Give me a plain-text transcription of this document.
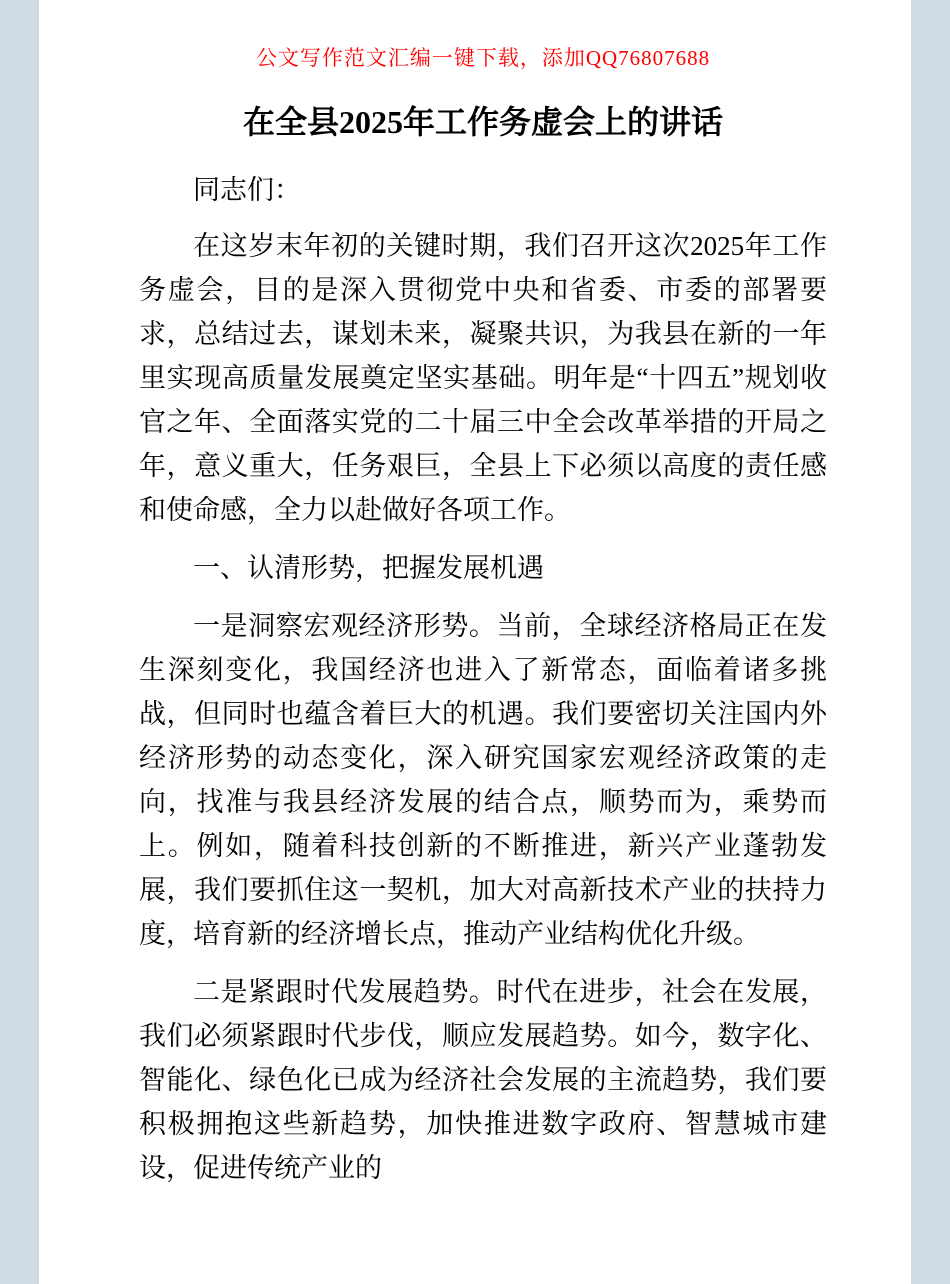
公文写作范文汇编一键下载，添加QQ76807688
在全县2025年工作务虚会上的讲话

同志们：

在这岁末年初的关键时期，我们召开这次2025年工作务虚会，目的是深入贯彻党中央和省委、市委的部署要求，总结过去，谋划未来，凝聚共识，为我县在新的一年里实现高质量发展奠定坚实基础。明年是“十四五”规划收官之年、全面落实党的二十届三中全会改革举措的开局之年，意义重大，任务艰巨，全县上下必须以高度的责任感和使命感，全力以赴做好各项工作。

一、认清形势，把握发展机遇

一是洞察宏观经济形势。当前，全球经济格局正在发生深刻变化，我国经济也进入了新常态，面临着诸多挑战，但同时也蕴含着巨大的机遇。我们要密切关注国内外经济形势的动态变化，深入研究国家宏观经济政策的走向，找准与我县经济发展的结合点，顺势而为，乘势而上。例如，随着科技创新的不断推进，新兴产业蓬勃发展，我们要抓住这一契机，加大对高新技术产业的扶持力度，培育新的经济增长点，推动产业结构优化升级。

二是紧跟时代发展趋势。时代在进步，社会在发展，我们必须紧跟时代步伐，顺应发展趋势。如今，数字化、智能化、绿色化已成为经济社会发展的主流趋势，我们要积极拥抱这些新趋势，加快推进数字政府、智慧城市建设，促进传统产业的
